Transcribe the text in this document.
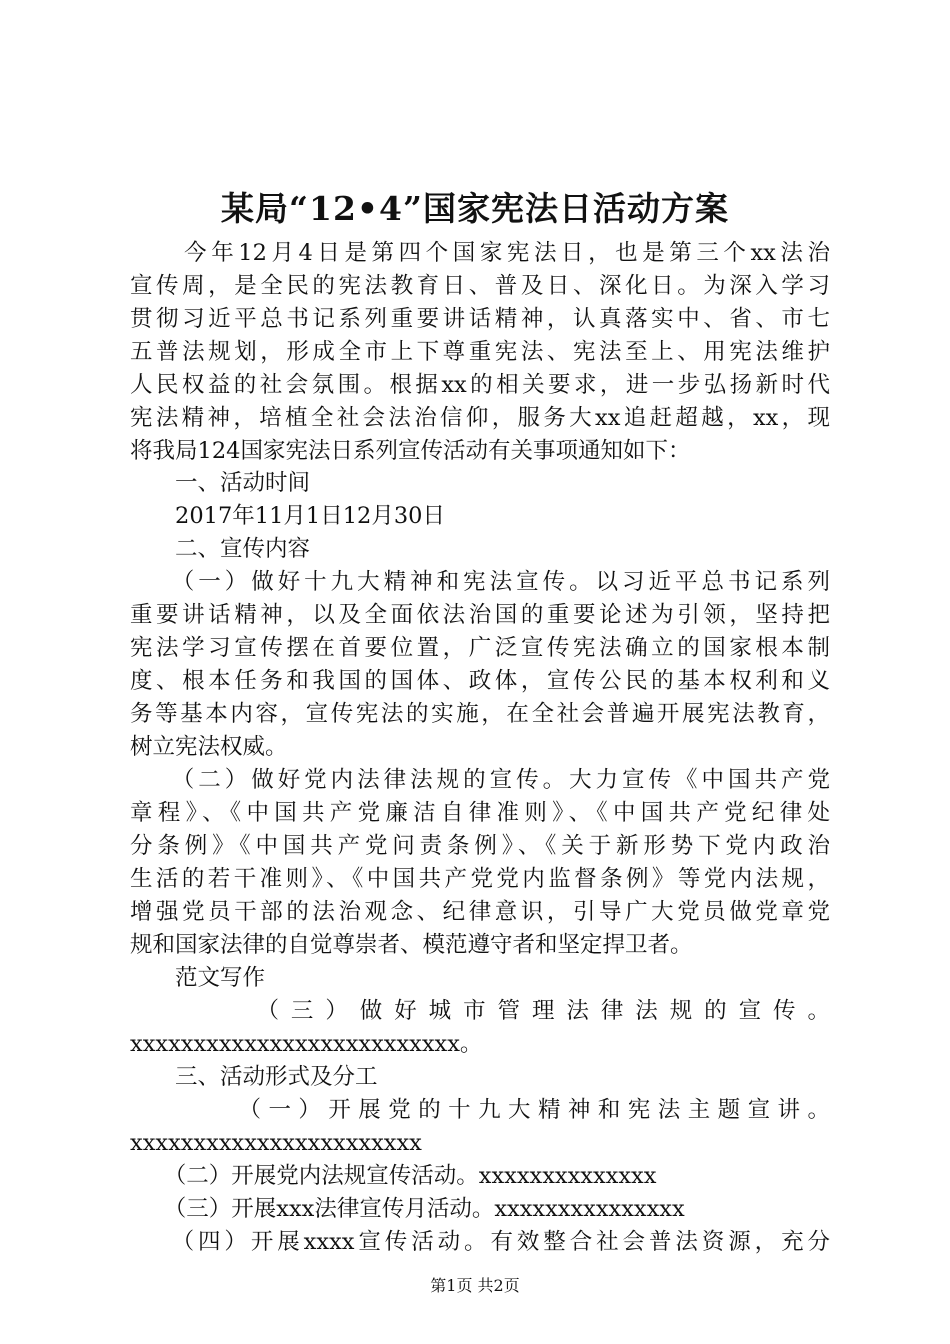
某局“12•4”国家宪法日活动方案
　　今年12月4日是第四个国家宪法日，也是第三个xx法治
宣传周，是全民的宪法教育日、普及日、深化日。为深入学习
贯彻习近平总书记系列重要讲话精神，认真落实中、省、市七
五普法规划，形成全市上下尊重宪法、宪法至上、用宪法维护
人民权益的社会氛围。根据xx的相关要求，进一步弘扬新时代
宪法精神，培植全社会法治信仰，服务大xx追赶超越，xx，现
将我局124国家宪法日系列宣传活动有关事项通知如下：
　　一、活动时间
　　2017年11月1日12月30日
　　二、宣传内容
　　（一）做好十九大精神和宪法宣传。以习近平总书记系列
重要讲话精神，以及全面依法治国的重要论述为引领，坚持把
宪法学习宣传摆在首要位置，广泛宣传宪法确立的国家根本制
度、根本任务和我国的国体、政体，宣传公民的基本权利和义
务等基本内容，宣传宪法的实施，在全社会普遍开展宪法教育，
树立宪法权威。
　　（二）做好党内法律法规的宣传。大力宣传《中国共产党
章程》、《中国共产党廉洁自律准则》、《中国共产党纪律处
分条例》《中国共产党问责条例》、《关于新形势下党内政治
生活的若干准则》、《中国共产党党内监督条例》等党内法规，
增强党员干部的法治观念、纪律意识，引导广大党员做党章党
规和国家法律的自觉尊崇者、模范遵守者和坚定捍卫者。
　　范文写作
　　　　（三）做好城市管理法律法规的宣传。
xxxxxxxxxxxxxxxxxxxxxxxxxx。
　　三、活动形式及分工
　　　　（一）开展党的十九大精神和宪法主题宣讲。
xxxxxxxxxxxxxxxxxxxxxxx
　　（二）开展党内法规宣传活动。xxxxxxxxxxxxxx
　　（三）开展xxx法律宣传月活动。xxxxxxxxxxxxxxx
　　（四）开展xxxx宣传活动。有效整合社会普法资源，充分
第1页 共2页
